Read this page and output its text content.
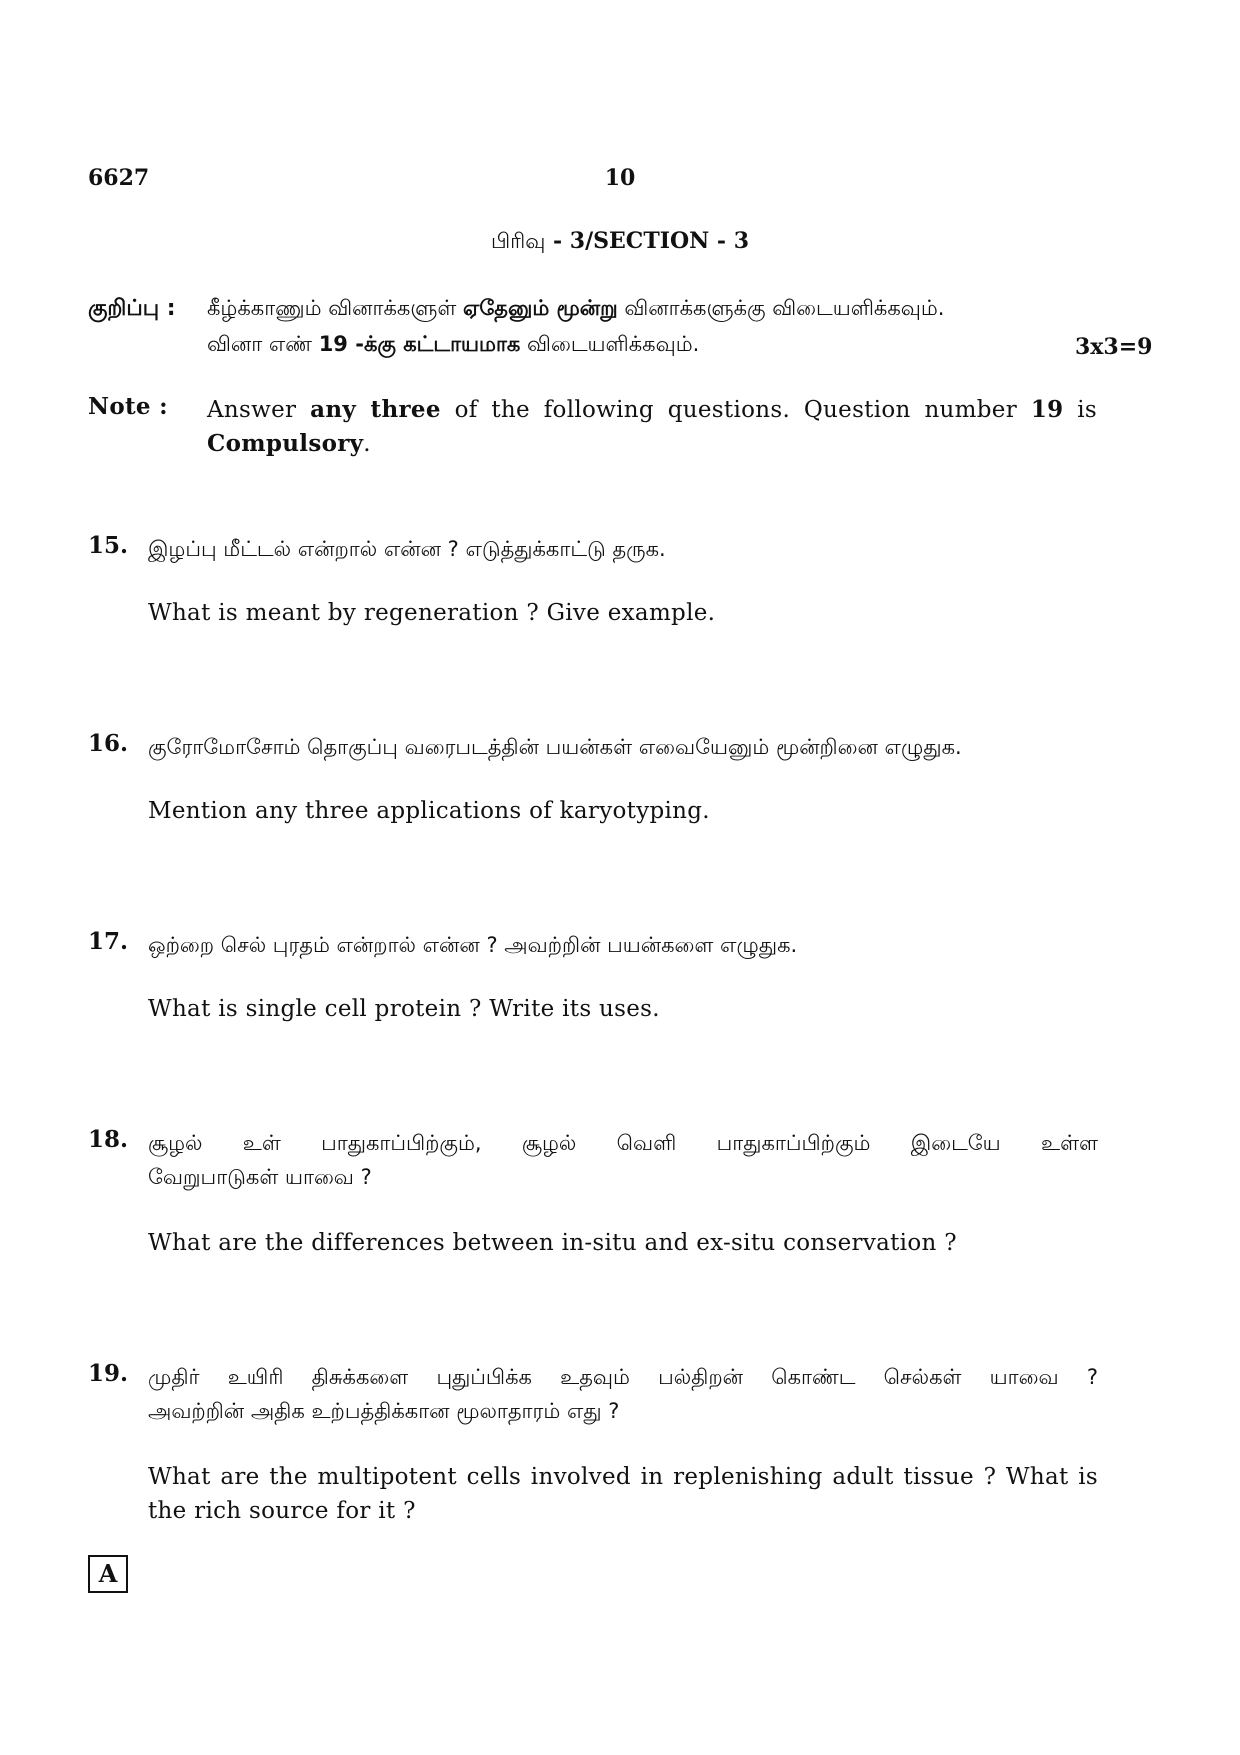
6627	10
பிரிவு - 3/SECTION - 3
குறிப்பு : கீழ்க்காணும் வினாக்களுள் ஏதேனும் மூன்று வினாக்களுக்கு விடையளிக்கவும்.
வினா எண் 19 -க்கு கட்டாயமாக விடையளிக்கவும்.	3x3=9
Note : Answer any three of the following questions. Question number 19 is
Compulsory.
15. இழப்பு மீட்டல் என்றால் என்ன ? எடுத்துக்காட்டு தருக.
What is meant by regeneration ? Give example.
16. குரோமோசோம் தொகுப்பு வரைபடத்தின் பயன்கள் எவையேனும் மூன்றினை எழுதுக.
Mention any three applications of karyotyping.
17. ஒற்றை செல் புரதம் என்றால் என்ன ? அவற்றின் பயன்களை எழுதுக.
What is single cell protein ? Write its uses.
18. சூழல் உள் பாதுகாப்பிற்கும், சூழல் வெளி பாதுகாப்பிற்கும் இடையே உள்ள
வேறுபாடுகள் யாவை ?
What are the differences between in-situ and ex-situ conservation ?
19. முதிர் உயிரி திசுக்களை புதுப்பிக்க உதவும் பல்திறன் கொண்ட செல்கள் யாவை ?
அவற்றின் அதிக உற்பத்திக்கான மூலாதாரம் எது ?
What are the multipotent cells involved in replenishing adult tissue ? What is
the rich source for it ?
A
